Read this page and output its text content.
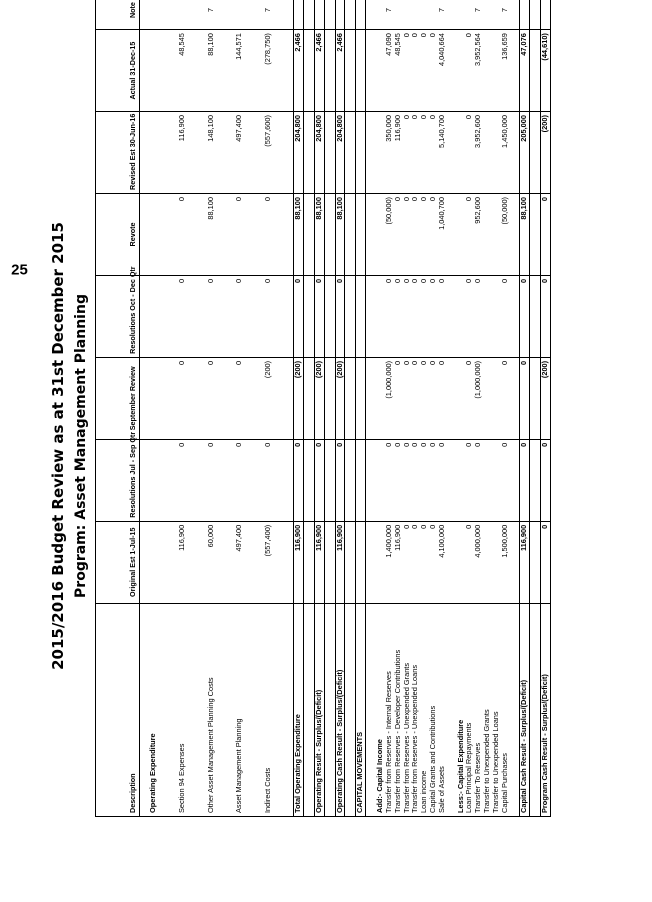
25 2015/2016 Budget Review as at 31st December 2015 Program: Asset Management Planning
Description	Original Est 1-Jul-15	Resolutions Jul - Sep Qtr	September Review	Resolutions Oct - Dec Qtr	Revote	Revised Est 30-Jun-16	Actual 31-Dec-15	Note

Operating Expenditure								

Section 94 Expenses	116,900	0	0	0	0	116,900	48,545	

Other Asset Management Planning Costs	60,000	0	0	0	88,100	148,100	88,100	7

Asset Management Planning	497,400	0	0	0	0	497,400	144,571	

Indirect Costs	(557,400)	0	(200)	0	0	(557,600)	(278,750)	7

Total Operating Expenditure	116,900	0	(200)	0	88,100	204,800	2,466	

Operating Result - Surplus/(Deficit)	116,900	0	(200)	0	88,100	204,800	2,466	

Operating Cash Result - Surplus/(Deficit)	116,900	0	(200)	0	88,100	204,800	2,466	

CAPITAL MOVEMENTS								

Add:- Capital Income								
Transfer from Reserves - Internal Reserves	1,400,000	0	(1,000,000)	0	(50,000)	350,000	47,090	7
Transfer from Reserves - Developer Contributions	116,900	0	0	0	0	116,900	48,545	
Transfer from Reserves - Unexpended Grants	0	0	0	0	0	0	0	
Transfer from Reserves - Unexpended Loans	0	0	0	0	0	0	0	
Loan income	0	0	0	0	0	0	0	
Capital Grants and Contributions	0	0	0	0	0	0	0	
Sale of Assets	4,100,000	0	0	0	1,040,700	5,140,700	4,040,664	7

Less:- Capital Expenditure								
Loan Principal Repayments	0	0	0	0	0	0	0	
Transfer To Reserves	4,000,000	0	(1,000,000)	0	952,600	3,952,600	3,952,564	7
Transfer to Unexpended Grants								
Transfer to Unexpended Loans								
Capital Purchases	1,500,000	0	0	0	(50,000)	1,450,000	136,659	7

Capital Cash Result - Surplus/(Deficit)	116,900	0	0	0	88,100	205,000	47,076	

Program Cash Result - Surplus/(Deficit)	0	0	(200)	0	0	(200)	(44,610)	
